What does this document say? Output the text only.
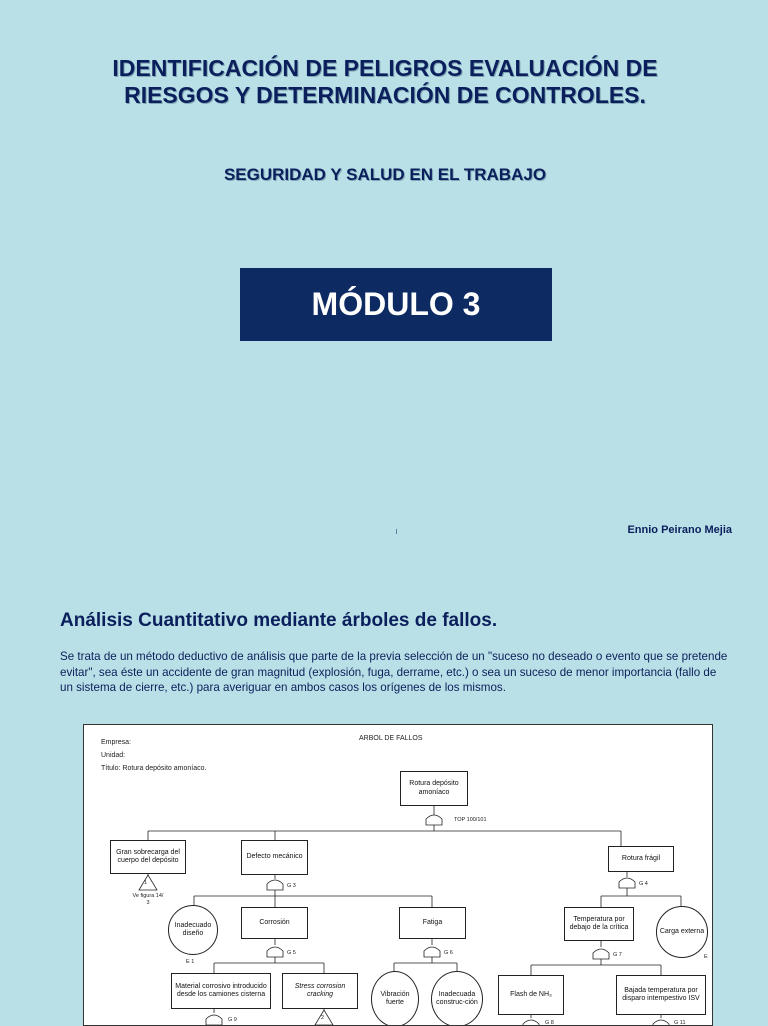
IDENTIFICACIÓN DE PELIGROS EVALUACIÓN DE RIESGOS Y DETERMINACIÓN DE CONTROLES.
SEGURIDAD Y SALUD EN EL TRABAJO
MÓDULO 3
Ennio Peirano Mejia
Análisis Cuantitativo mediante árboles de fallos.

Se trata de un método deductivo de análisis que parte de la previa selección de un "suceso no deseado o evento que se pretende evitar", sea éste un accidente de gran magnitud (explosión, fuga, derrame, etc.) o sea un suceso de menor importancia (fallo de un sistema de cierre, etc.) para averiguar en ambos casos los orígenes de los mismos.

Empresa:
Unidad:
Título: Rotura depósito amoníaco.
ARBOL DE FALLOS
Rotura depósito amoníaco
TOP 100/101
Gran sobrecarga del cuerpo del depósito
1
Ve figura 14/ 3
Defecto mecánico
G 3
Rotura frágil
G 4
Inadecuado diseño
E 1
Corrosión
G 5
Fatiga
G 6
Temperatura por debajo de la crítica
G 7
Carga externa
E
Material corrosivo introducido desde los camiones cisterna
G 9
Stress corrosion cracking
2
Vibración fuerte
Inadecuada construc-ción
Flash de NH₃
G 8
Bajada temperatura por disparo intempestivo ISV
G 11
